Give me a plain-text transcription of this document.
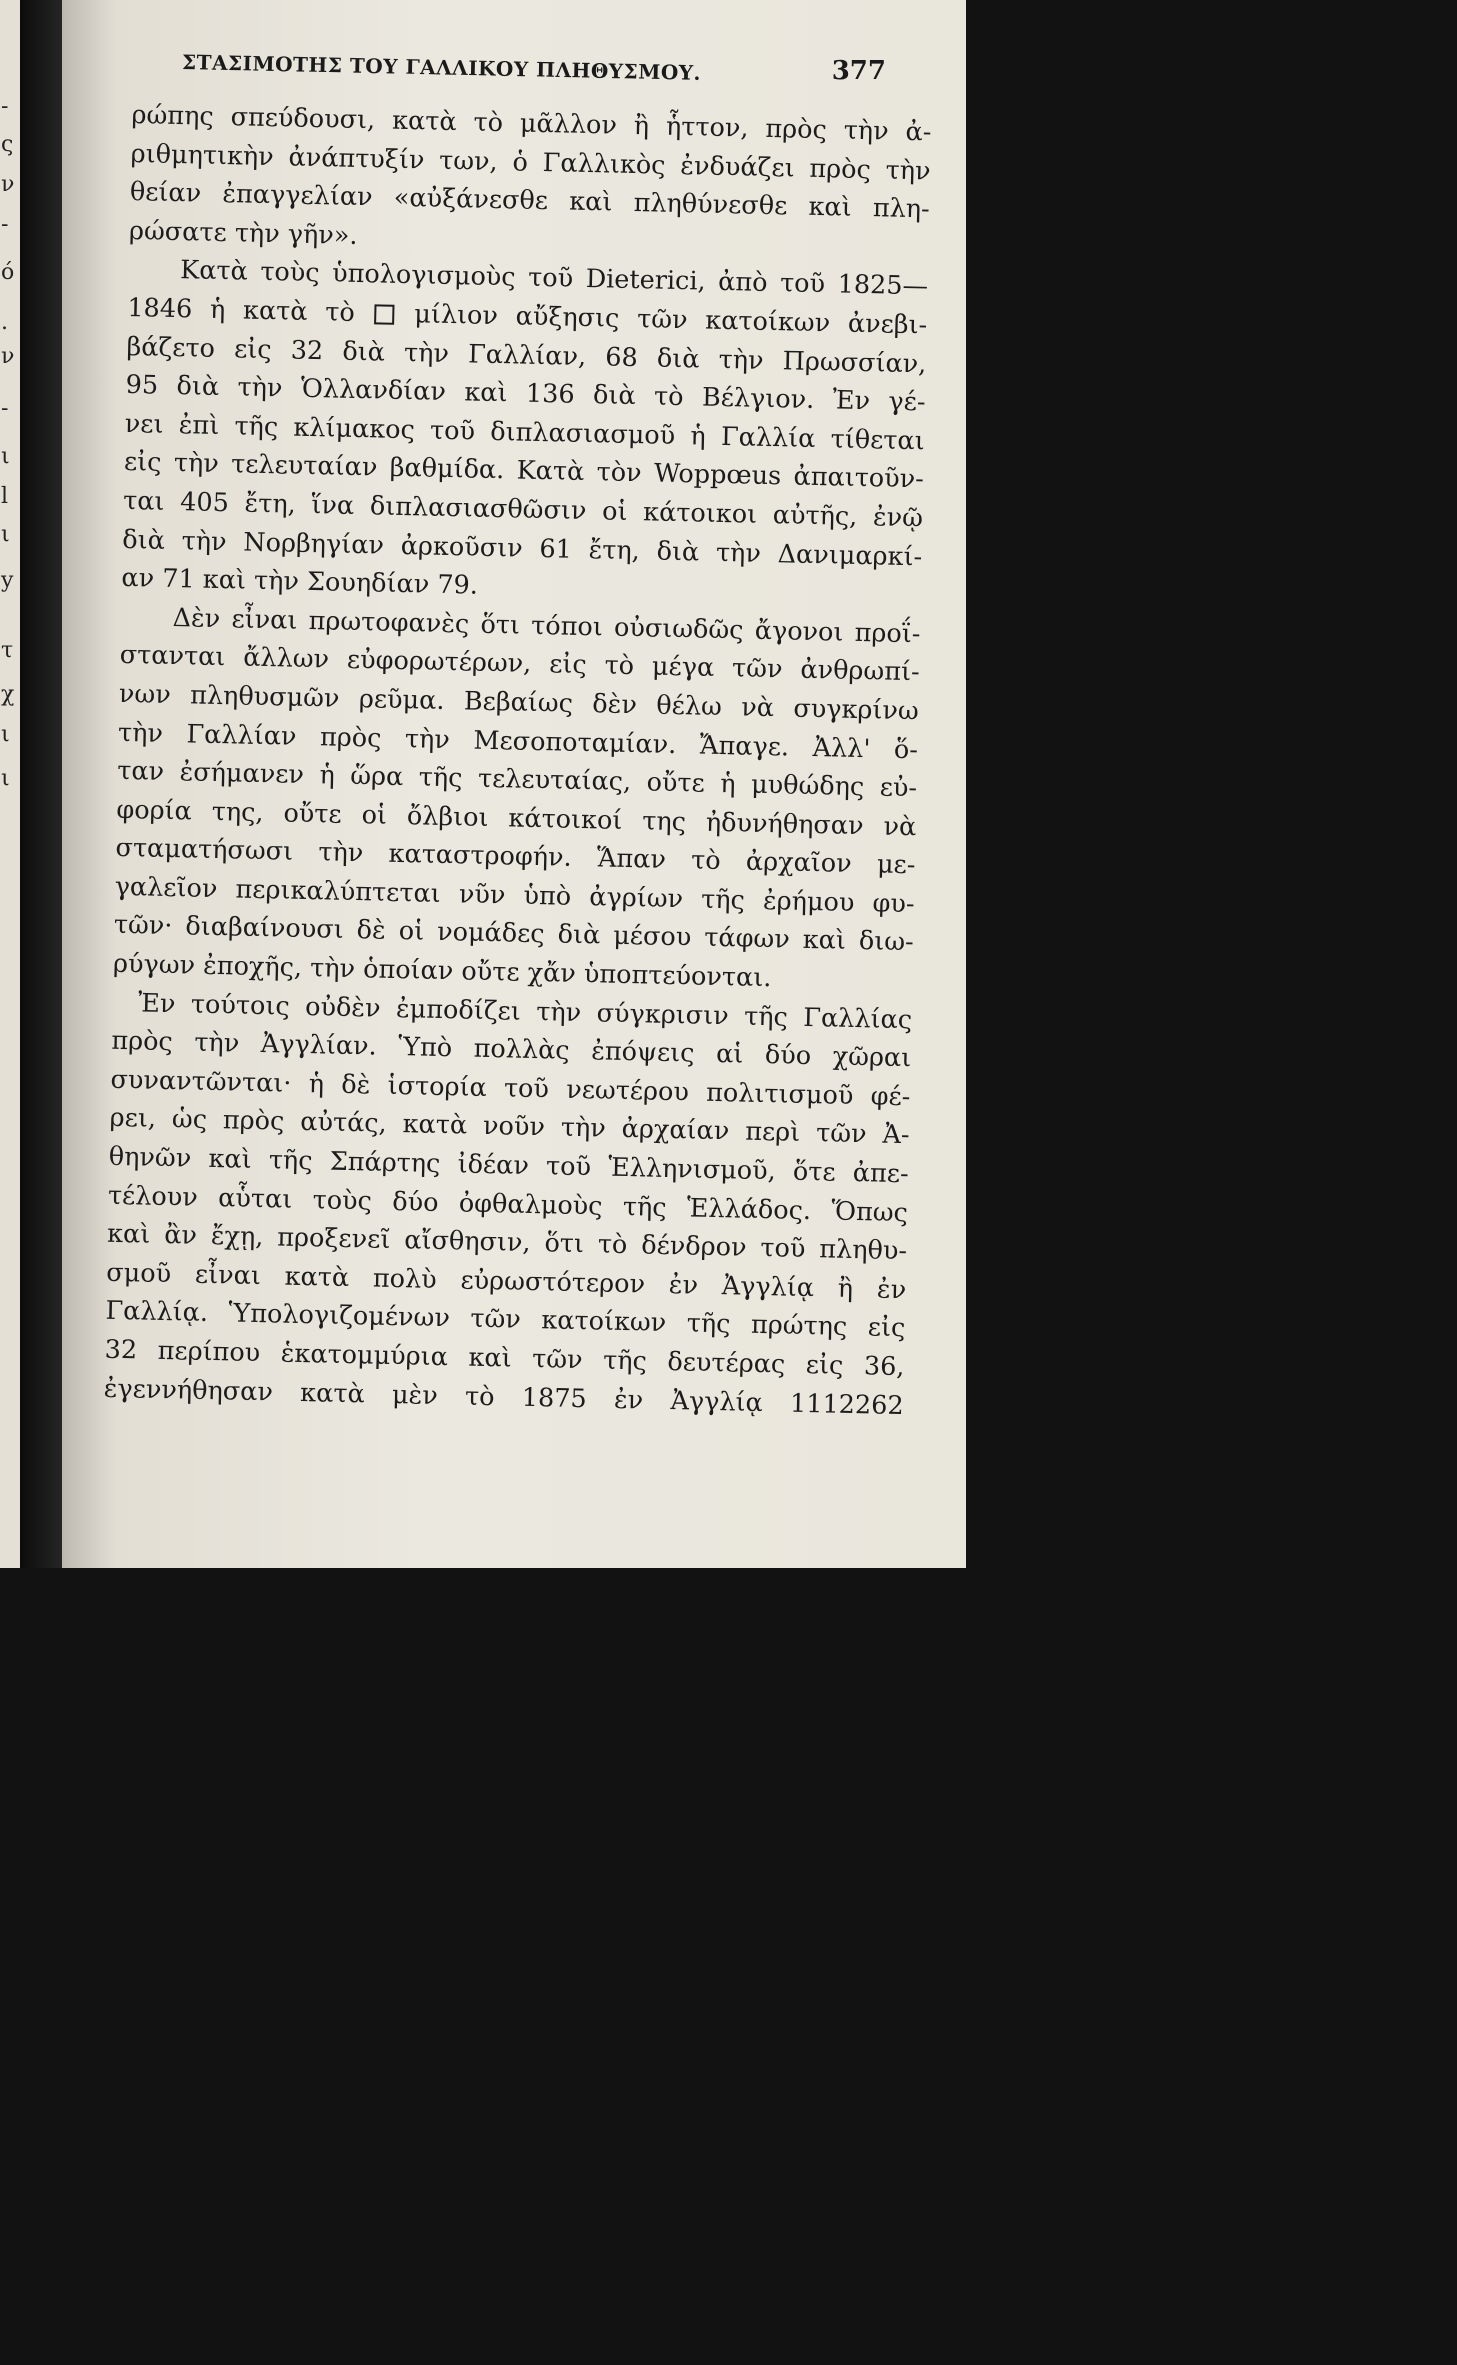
-
ς
ν
-
ό
.
ν
-
ι
l
ι
y
τ
χ
ι
ι
ΣΤΑΣΙΜΟΤΗΣ ΤΟΥ ΓΑΛΛΙΚΟΥ ΠΛΗΘΥΣΜΟΥ.	377
ρώπης σπεύδουσι, κατὰ τὸ μᾶλλον ἢ ἧττον, πρὸς τὴν ἀ-
ριθμητικὴν ἀνάπτυξίν των, ὁ Γαλλικὸς ἐνδυάζει πρὸς τὴν
θείαν ἐπαγγελίαν «αὐξάνεσθε καὶ πληθύνεσθε καὶ πλη-
ρώσατε τὴν γῆν».
Κατὰ τοὺς ὑπολογισμοὺς τοῦ Dieterici, ἀπὸ τοῦ 1825—
1846 ἡ κατὰ τὸ μίλιον αὔξησις τῶν κατοίκων ἀνεβι-
βάζετο εἰς 32 διὰ τὴν Γαλλίαν, 68 διὰ τὴν Πρωσσίαν,
95 διὰ τὴν Ὁλλανδίαν καὶ 136 διὰ τὸ Βέλγιον. Ἐν γέ-
νει ἐπὶ τῆς κλίμακος τοῦ διπλασιασμοῦ ἡ Γαλλία τίθεται
εἰς τὴν τελευταίαν βαθμίδα. Κατὰ τὸν Woppœus ἀπαιτοῦν-
ται 405 ἔτη, ἵνα διπλασιασθῶσιν οἱ κάτοικοι αὐτῆς, ἐνῷ
διὰ τὴν Νορβηγίαν ἀρκοῦσιν 61 ἔτη, διὰ τὴν Δανιμαρκί-
αν 71 καὶ τὴν Σουηδίαν 79.
Δὲν εἶναι πρωτοφανὲς ὅτι τόποι οὐσιωδῶς ἄγονοι προΐ-
στανται ἄλλων εὐφορωτέρων, εἰς τὸ μέγα τῶν ἀνθρωπί-
νων πληθυσμῶν ρεῦμα. Βεβαίως δὲν θέλω νὰ συγκρίνω
τὴν Γαλλίαν πρὸς τὴν Μεσοποταμίαν. Ἄπαγε. Ἀλλ' ὅ-
ταν ἐσήμανεν ἡ ὥρα τῆς τελευταίας, οὔτε ἡ μυθώδης εὐ-
φορία της, οὔτε οἱ ὄλβιοι κάτοικοί της ἠδυνήθησαν νὰ
σταματήσωσι τὴν καταστροφήν. Ἅπαν τὸ ἀρχαῖον με-
γαλεῖον περικαλύπτεται νῦν ὑπὸ ἀγρίων τῆς ἐρήμου φυ-
τῶν· διαβαίνουσι δὲ οἱ νομάδες διὰ μέσου τάφων καὶ διω-
ρύγων ἐποχῆς, τὴν ὁποίαν οὔτε χἄν ὑποπτεύονται.
Ἐν τούτοις οὐδὲν ἐμποδίζει τὴν σύγκρισιν τῆς Γαλλίας
πρὸς τὴν Ἀγγλίαν. Ὑπὸ πολλὰς ἐπόψεις αἱ δύο χῶραι
συναντῶνται· ἡ δὲ ἱστορία τοῦ νεωτέρου πολιτισμοῦ φέ-
ρει, ὡς πρὸς αὐτάς, κατὰ νοῦν τὴν ἀρχαίαν περὶ τῶν Ἀ-
θηνῶν καὶ τῆς Σπάρτης ἰδέαν τοῦ Ἑλληνισμοῦ, ὅτε ἀπε-
τέλουν αὗται τοὺς δύο ὀφθαλμοὺς τῆς Ἑλλάδος. Ὅπως
καὶ ἂν ἔχῃ, προξενεῖ αἴσθησιν, ὅτι τὸ δένδρον τοῦ πληθυ-
σμοῦ εἶναι κατὰ πολὺ εὐρωστότερον ἐν Ἀγγλίᾳ ἢ ἐν
Γαλλίᾳ. Ὑπολογιζομένων τῶν κατοίκων τῆς πρώτης εἰς
32 περίπου ἑκατομμύρια καὶ τῶν τῆς δευτέρας εἰς 36,
ἐγεννήθησαν κατὰ μὲν τὸ 1875 ἐν Ἀγγλίᾳ 1112262
